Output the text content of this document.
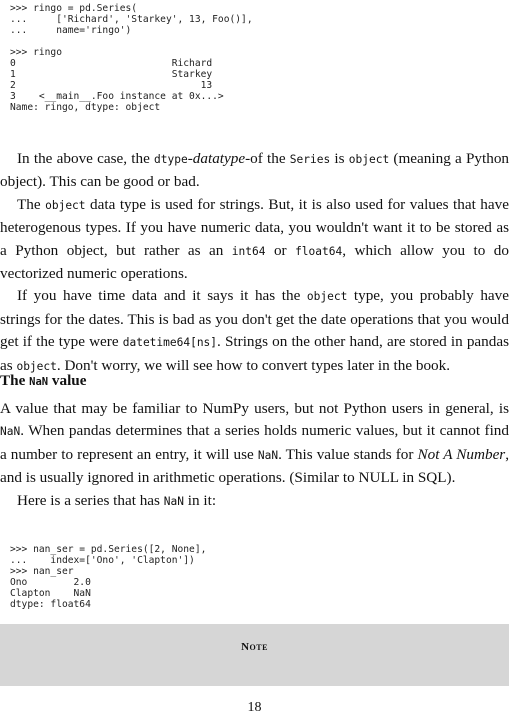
>>> ringo = pd.Series(
...     ['Richard', 'Starkey', 13, Foo()],
...     name='ringo')

>>> ringo
0                           Richard
1                           Starkey
2                                13
3    <__main__.Foo instance at 0x...>
Name: ringo, dtype: object

In the above case, the dtype-datatype-of the Series is object (meaning a Python object). This can be good or bad.

The object data type is used for strings. But, it is also used for values that have heterogenous types. If you have numeric data, you wouldn't want it to be stored as a Python object, but rather as an int64 or float64, which allow you to do vectorized numeric operations.

If you have time data and it says it has the object type, you probably have strings for the dates. This is bad as you don't get the date operations that you would get if the type were datetime64[ns]. Strings on the other hand, are stored in pandas as object. Don't worry, we will see how to convert types later in the book.

The NaN value

A value that may be familiar to NumPy users, but not Python users in general, is NaN. When pandas determines that a series holds numeric values, but it cannot find a number to represent an entry, it will use NaN. This value stands for Not A Number, and is usually ignored in arithmetic operations. (Similar to NULL in SQL).

Here is a series that has NaN in it:

>>> nan_ser = pd.Series([2, None],
...    index=['Ono', 'Clapton'])
>>> nan_ser
Ono        2.0
Clapton    NaN
dtype: float64
Note
18
